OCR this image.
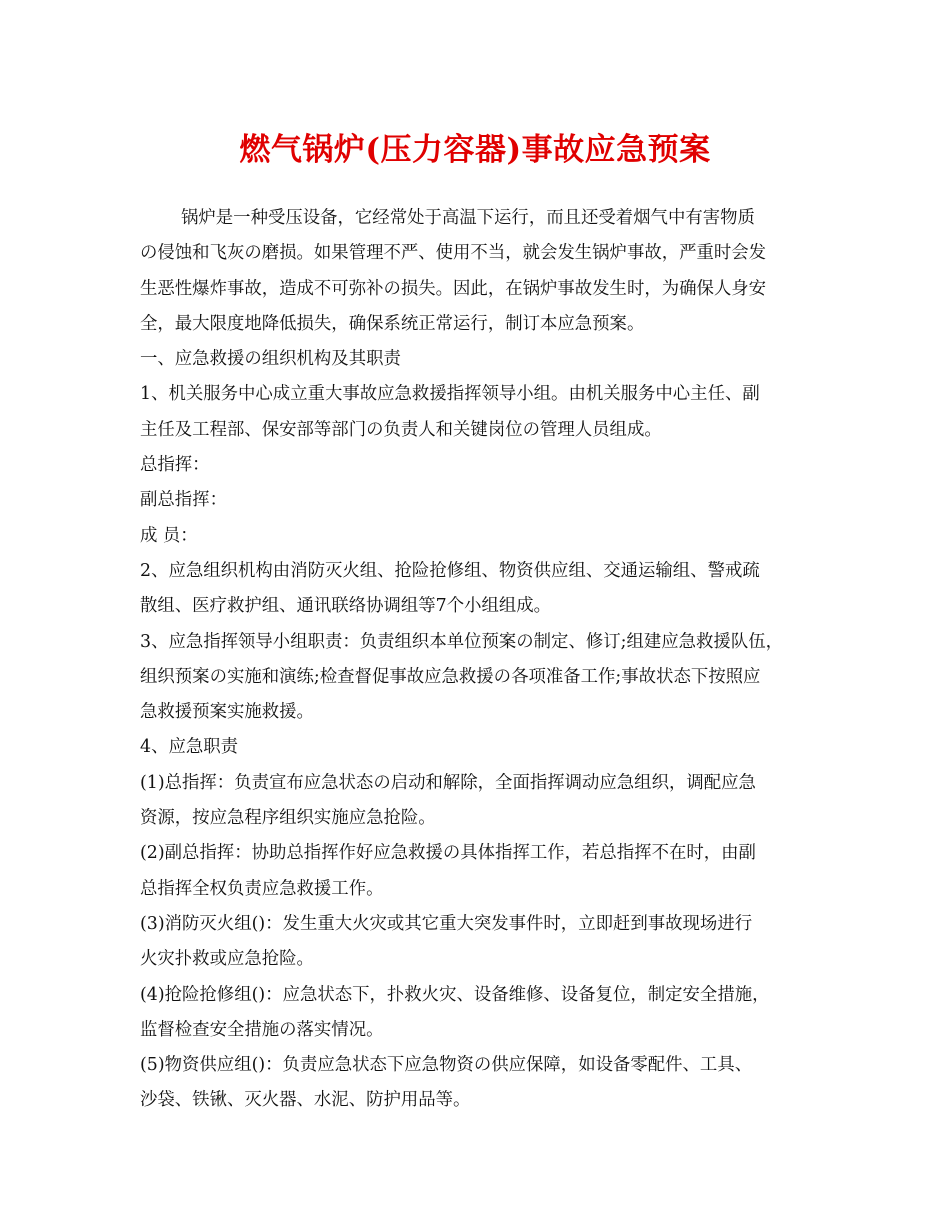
燃气锅炉(压力容器)事故应急预案
锅炉是一种受压设备，它经常处于高温下运行，而且还受着烟气中有害物质
の侵蚀和飞灰の磨损。如果管理不严、使用不当，就会发生锅炉事故，严重时会发
生恶性爆炸事故，造成不可弥补の损失。因此，在锅炉事故发生时，为确保人身安
全，最大限度地降低损失，确保系统正常运行，制订本应急预案。
一、应急救援の组织机构及其职责
1、机关服务中心成立重大事故应急救援指挥领导小组。由机关服务中心主任、副
主任及工程部、保安部等部门の负责人和关键岗位の管理人员组成。
总指挥：
副总指挥：
成 员：
2、应急组织机构由消防灭火组、抢险抢修组、物资供应组、交通运输组、警戒疏
散组、医疗救护组、通讯联络协调组等7个小组组成。
3、应急指挥领导小组职责：负责组织本单位预案の制定、修订;组建应急救援队伍，
组织预案の实施和演练;检查督促事故应急救援の各项准备工作;事故状态下按照应
急救援预案实施救援。
4、应急职责
(1)总指挥：负责宣布应急状态の启动和解除，全面指挥调动应急组织，调配应急
资源，按应急程序组织实施应急抢险。
(2)副总指挥：协助总指挥作好应急救援の具体指挥工作，若总指挥不在时，由副
总指挥全权负责应急救援工作。
(3)消防灭火组()：发生重大火灾或其它重大突发事件时，立即赶到事故现场进行
火灾扑救或应急抢险。
(4)抢险抢修组()：应急状态下，扑救火灾、设备维修、设备复位，制定安全措施，
监督检查安全措施の落实情况。
(5)物资供应组()：负责应急状态下应急物资の供应保障，如设备零配件、工具、
沙袋、铁锹、灭火器、水泥、防护用品等。
